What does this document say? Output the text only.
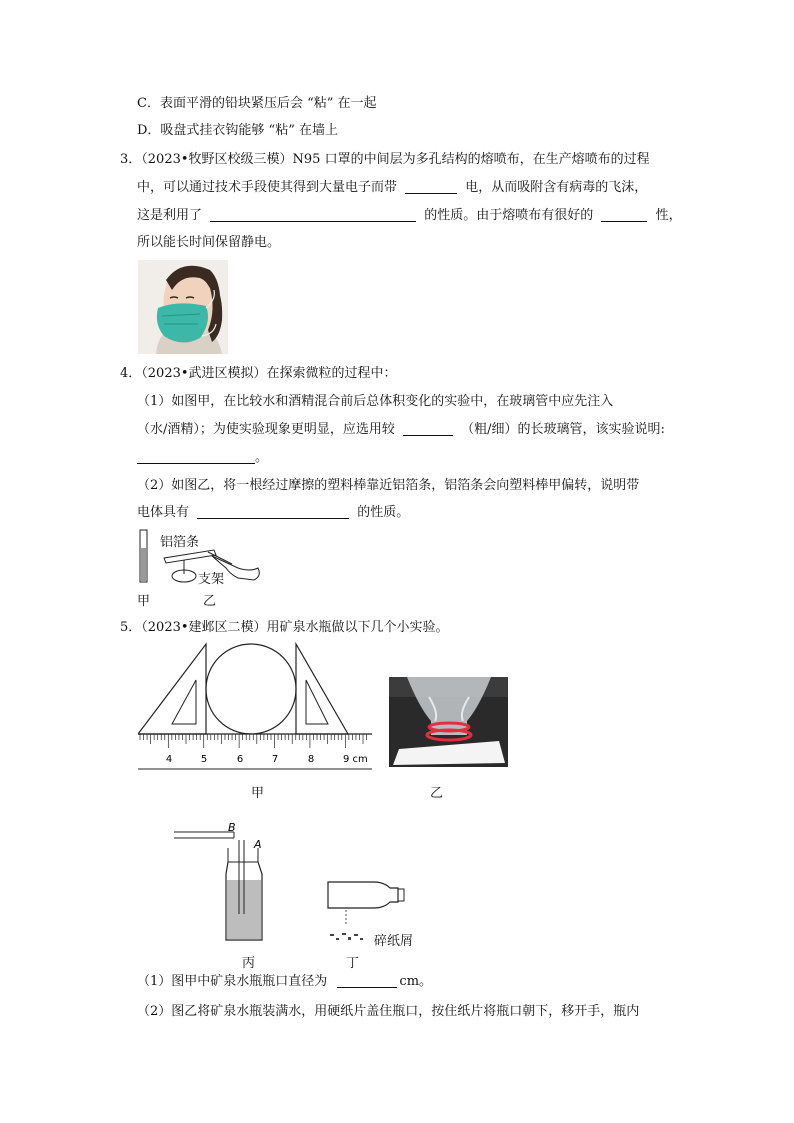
C．表面平滑的铅块紧压后会 “粘” 在一起
D．吸盘式挂衣钩能够 “粘” 在墙上
3．（2023•牧野区校级三模）N95 口罩的中间层为多孔结构的熔喷布，在生产熔喷布的过程
中，可以通过技术手段使其得到大量电子而带	电，从而吸附含有病毒的飞沫，
这是利用了	的性质。由于熔喷布有很好的	性，
所以能长时间保留静电。
4．（2023•武进区模拟）在探索微粒的过程中：
（1）如图甲，在比较水和酒精混合前后总体积变化的实验中，在玻璃管中应先注入
（水/酒精）；为使实验现象更明显，应选用较	（粗/细）的长玻璃管，该实验说明:
。
（2）如图乙，将一根经过摩擦的塑料棒靠近铝箔条，铝箔条会向塑料棒甲偏转，说明带
电体具有	的性质。
铝箔条
支架
甲	乙
5．（2023•建邺区二模）用矿泉水瓶做以下几个小实验。
4	5	6	7	8	9 cm
甲	乙
B
A
丙
碎纸屑
丁
（1）图甲中矿泉水瓶瓶口直径为	cm。
（2）图乙将矿泉水瓶装满水，用硬纸片盖住瓶口，按住纸片将瓶口朝下，移开手，瓶内
